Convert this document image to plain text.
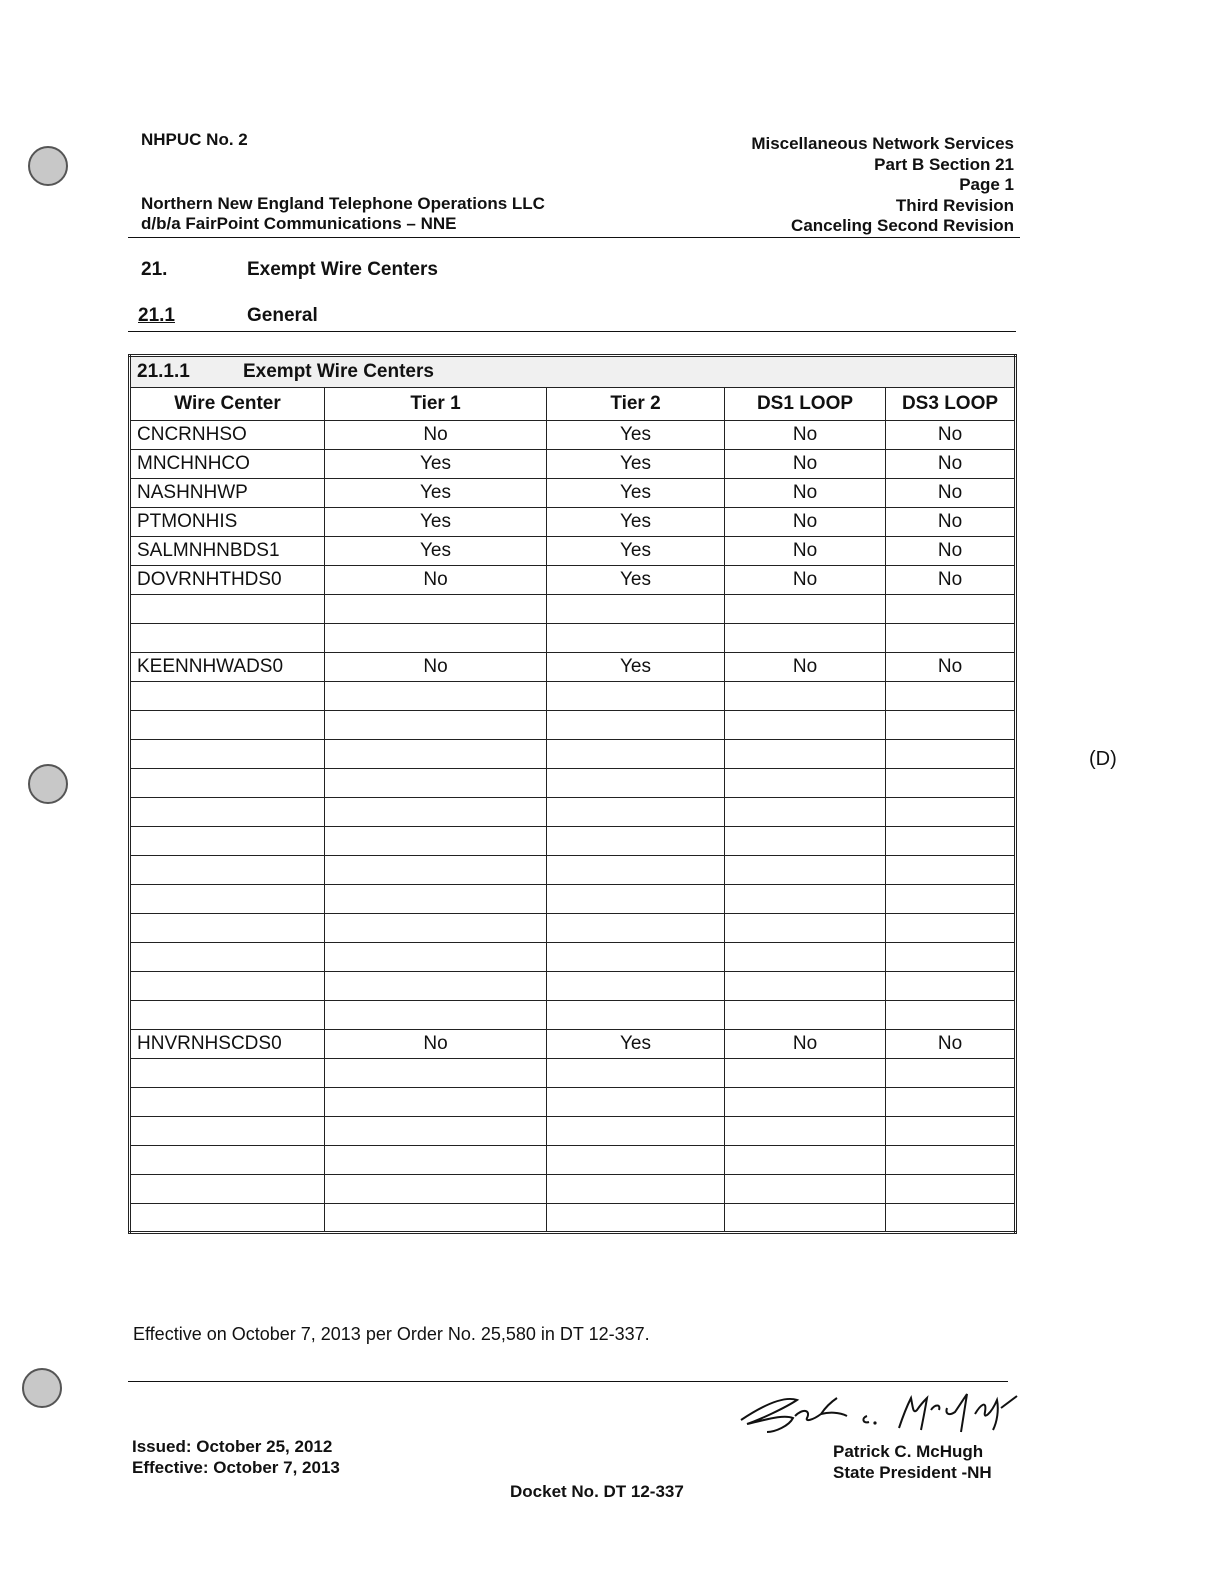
NHPUC No. 2
Northern New England Telephone Operations LLC
d/b/a FairPoint Communications – NNE
Miscellaneous Network Services
Part B Section 21
Page 1
Third Revision
Canceling Second Revision
21.	Exempt Wire Centers
21.1	General
21.1.1 Exempt Wire Centers				
Wire Center	Tier 1	Tier 2	DS1 LOOP	DS3 LOOP
CNCRNHSO	No	Yes	No	No
MNCHNHCO	Yes	Yes	No	No
NASHNHWP	Yes	Yes	No	No
PTMONHIS	Yes	Yes	No	No
SALMNHNBDS1	Yes	Yes	No	No
DOVRNHTHDS0	No	Yes	No	No

KEENNHWADS0	No	Yes	No	No

HNVRNHSCDS0	No	Yes	No	No

(D)
Effective on October 7, 2013 per Order No. 25,580 in DT 12-337.
Patrick C. McHugh
State President -NH
Issued: October 25, 2012
Effective: October 7, 2013
Docket No. DT 12-337
